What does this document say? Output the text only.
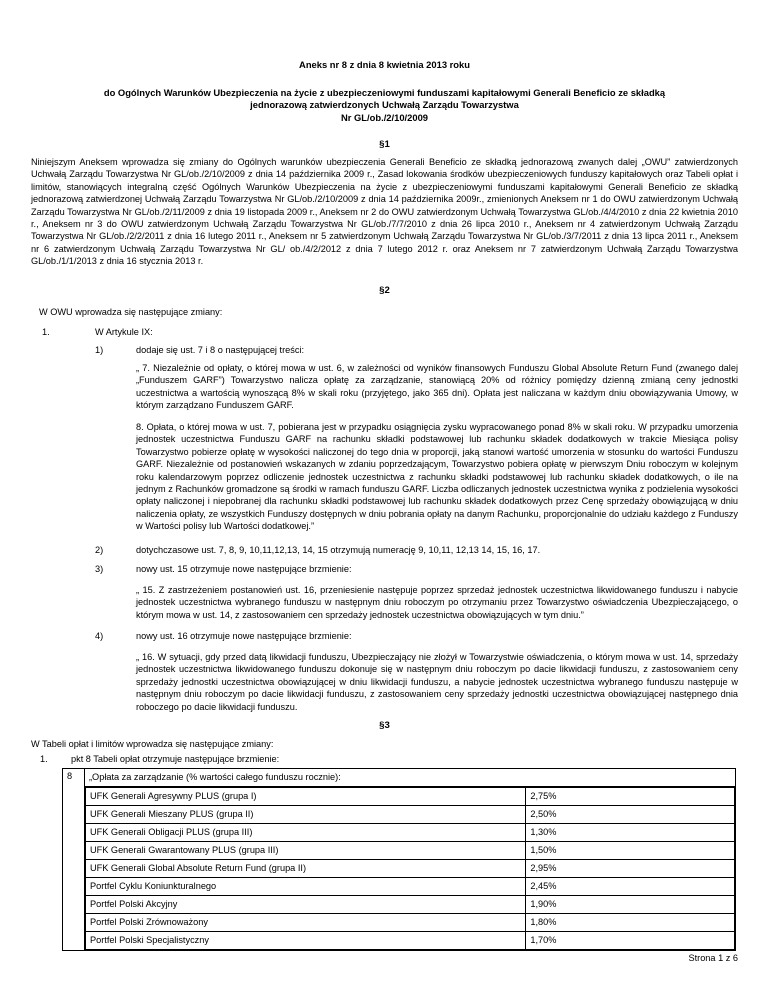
Aneks nr 8 z dnia 8 kwietnia 2013 roku
do Ogólnych Warunków Ubezpieczenia na życie z ubezpieczeniowymi funduszami kapitałowymi Generali Beneficio ze składką
jednorazową zatwierdzonych Uchwałą Zarządu Towarzystwa
Nr GL/ob./2/10/2009
§1
Niniejszym Aneksem wprowadza się zmiany do Ogólnych warunków ubezpieczenia Generali Beneficio ze składką jednorazową zwanych dalej „OWU” zatwierdzonych Uchwałą Zarządu Towarzystwa Nr GL/ob./2/10/2009 z dnia 14 października 2009 r., Zasad lokowania środków ubezpieczeniowych funduszy kapitałowych oraz Tabeli opłat i limitów, stanowiących integralną część Ogólnych Warunków Ubezpieczenia na życie z ubezpieczeniowymi funduszami kapitałowymi Generali Beneficio ze składką jednorazową zatwierdzonej Uchwałą Zarządu Towarzystwa Nr GL/ob./2/10/2009 z dnia 14 października 2009r., zmienionych Aneksem nr 1 do OWU zatwierdzonym Uchwałą Zarządu Towarzystwa Nr GL/ob./2/11/2009 z dnia 19 listopada 2009 r., Aneksem nr 2 do OWU zatwierdzonym Uchwałą Towarzystwa GL/ob./4/4/2010 z dnia 22 kwietnia 2010 r., Aneksem nr 3 do OWU zatwierdzonym Uchwałą Zarządu Towarzystwa Nr GL/ob./7/7/2010 z dnia 26 lipca 2010 r., Aneksem nr 4 zatwierdzonym Uchwałą Zarządu Towarzystwa Nr GL/ob./2/2/2011 z dnia 16 lutego 2011 r., Aneksem nr 5 zatwierdzonym Uchwałą Zarządu Towarzystwa Nr GL/ob./3/7/2011 z dnia 13 lipca 2011 r., Aneksem nr 6 zatwierdzonym Uchwałą Zarządu Towarzystwa Nr GL/ ob./4/2/2012 z dnia 7 lutego 2012 r. oraz Aneksem nr 7 zatwierdzonym Uchwałą Zarządu Towarzystwa GL/ob./1/1/2013 z dnia 16 stycznia 2013 r.
§2
W OWU wprowadza się następujące zmiany:
1.	W Artykule IX:
1)	dodaje się ust. 7 i 8 o następującej treści:
„ 7. Niezależnie od opłaty, o której mowa w ust. 6, w zależności od wyników finansowych Funduszu Global Absolute Return Fund (zwanego dalej „Funduszem GARF”) Towarzystwo nalicza opłatę za zarządzanie, stanowiącą 20% od różnicy pomiędzy dzienną zmianą ceny jednostki uczestnictwa a wartością wynoszącą 8% w skali roku (przyjętego, jako 365 dni). Opłata jest naliczana w każdym dniu obowiązywania Umowy, w którym zarządzano Funduszem GARF.
8. Opłata, o której mowa w ust. 7, pobierana jest w przypadku osiągnięcia zysku wypracowanego ponad 8% w skali roku. W przypadku umorzenia jednostek uczestnictwa Funduszu GARF na rachunku składki podstawowej lub rachunku składek dodatkowych w trakcie Miesiąca polisy Towarzystwo pobierze opłatę w wysokości naliczonej do tego dnia w proporcji, jaką stanowi wartość umorzenia w stosunku do wartości Funduszu GARF. Niezależnie od postanowień wskazanych w zdaniu poprzedzającym, Towarzystwo pobiera opłatę w pierwszym Dniu roboczym w kolejnym roku kalendarzowym poprzez odliczenie jednostek uczestnictwa z rachunku składki podstawowej lub rachunku składek dodatkowych, o ile na jednym z Rachunków gromadzone są środki w ramach funduszu GARF. Liczba odliczanych jednostek uczestnictwa wynika z podzielenia wysokości opłaty naliczonej i niepobranej dla rachunku składki podstawowej lub rachunku składek dodatkowych przez Cenę sprzedaży obowiązującą w dniu naliczenia opłaty, ze wszystkich Funduszy dostępnych w dniu pobrania opłaty na danym Rachunku, proporcjonalnie do udziału każdego z Funduszy w Wartości polisy lub Wartości dodatkowej.”
2)	dotychczasowe ust. 7, 8, 9, 10,11,12,13, 14, 15 otrzymują numerację 9, 10,11, 12,13 14, 15, 16, 17.
3)	nowy ust. 15 otrzymuje nowe następujące brzmienie:
„ 15. Z zastrzeżeniem postanowień ust. 16, przeniesienie następuje poprzez sprzedaż jednostek uczestnictwa likwidowanego funduszu i nabycie jednostek uczestnictwa wybranego funduszu w następnym dniu roboczym po otrzymaniu przez Towarzystwo oświadczenia Ubezpieczającego, o którym mowa w ust. 14, z zastosowaniem cen sprzedaży jednostek uczestnictwa obowiązujących w tym dniu.”
4)	nowy ust. 16 otrzymuje nowe następujące brzmienie:
„ 16. W sytuacji, gdy przed datą likwidacji funduszu, Ubezpieczający nie złożył w Towarzystwie oświadczenia, o którym mowa w ust. 14, sprzedaży jednostek uczestnictwa likwidowanego funduszu dokonuje się w następnym dniu roboczym po dacie likwidacji funduszu, z zastosowaniem ceny sprzedaży jednostki uczestnictwa obowiązującej w dniu likwidacji funduszu, a nabycie jednostek uczestnictwa wybranego funduszu następuje w następnym dniu roboczym po dacie likwidacji funduszu, z zastosowaniem ceny sprzedaży jednostki uczestnictwa obowiązującej następnego dnia roboczego po dacie likwidacji funduszu.
§3
W Tabeli opłat i limitów wprowadza się następujące zmiany:
1.	pkt 8 Tabeli opłat otrzymuje następujące brzmienie:
8	„Opłata za zarządzanie (% wartości całego funduszu rocznie):

UFK Generali Agresywny PLUS (grupa I)	2,75%
UFK Generali Mieszany PLUS (grupa II)	2,50%
UFK Generali Obligacji PLUS (grupa III)	1,30%
UFK Generali Gwarantowany PLUS (grupa III)	1,50%
UFK Generali Global Absolute Return Fund (grupa II)	2,95%
Portfel Cyklu Koniunkturalnego	2,45%
Portfel Polski Akcyjny	1,90%
Portfel Polski Zrównoważony	1,80%
Portfel Polski Specjalistyczny	1,70%
Strona 1 z 6
